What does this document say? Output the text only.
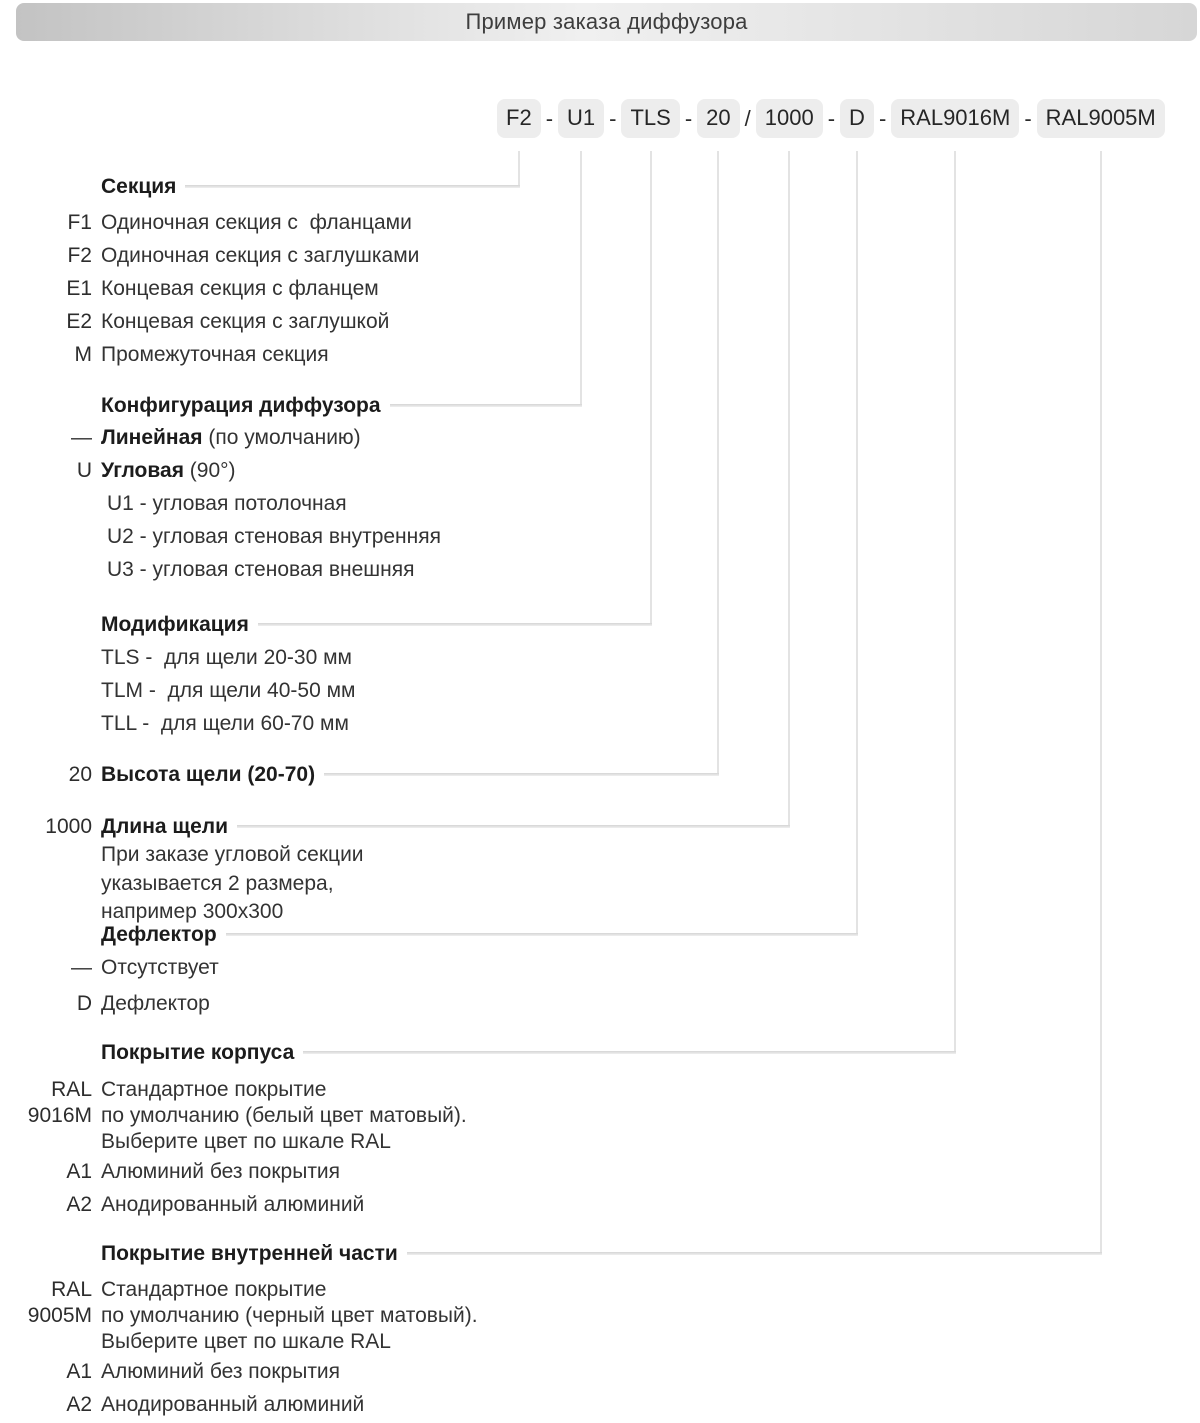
Пример заказа диффузора
F2 - U1 - TLS - 20 / 1000 - D - RAL9016M - RAL9005M
Секция
F1 Одиночная секция с  фланцами
F2 Одиночная секция с заглушками
E1 Концевая секция с фланцем
E2 Концевая секция с заглушкой
M Промежуточная секция
Конфигурация диффузора
— Линейная (по умолчанию)
U Угловая (90°)
U1 - угловая потолочная
U2 - угловая стеновая внутренняя
U3 - угловая стеновая внешняя
Модификация
TLS -  для щели 20-30 мм
TLM -  для щели 40-50 мм
TLL -  для щели 60-70 мм
20 Высота щели (20-70)
1000 Длина щели
При заказе угловой секции
указывается 2 размера,
например 300x300
Дефлектор
— Отсутствует
D Дефлектор
Покрытие корпуса
RAL
9016M
Стандартное покрытие
по умолчанию (белый цвет матовый).
Выберите цвет по шкале RAL
A1 Алюминий без покрытия
A2 Анодированный алюминий
Покрытие внутренней части
RAL
9005M
Стандартное покрытие
по умолчанию (черный цвет матовый).
Выберите цвет по шкале RAL
A1 Алюминий без покрытия
A2 Анодированный алюминий
